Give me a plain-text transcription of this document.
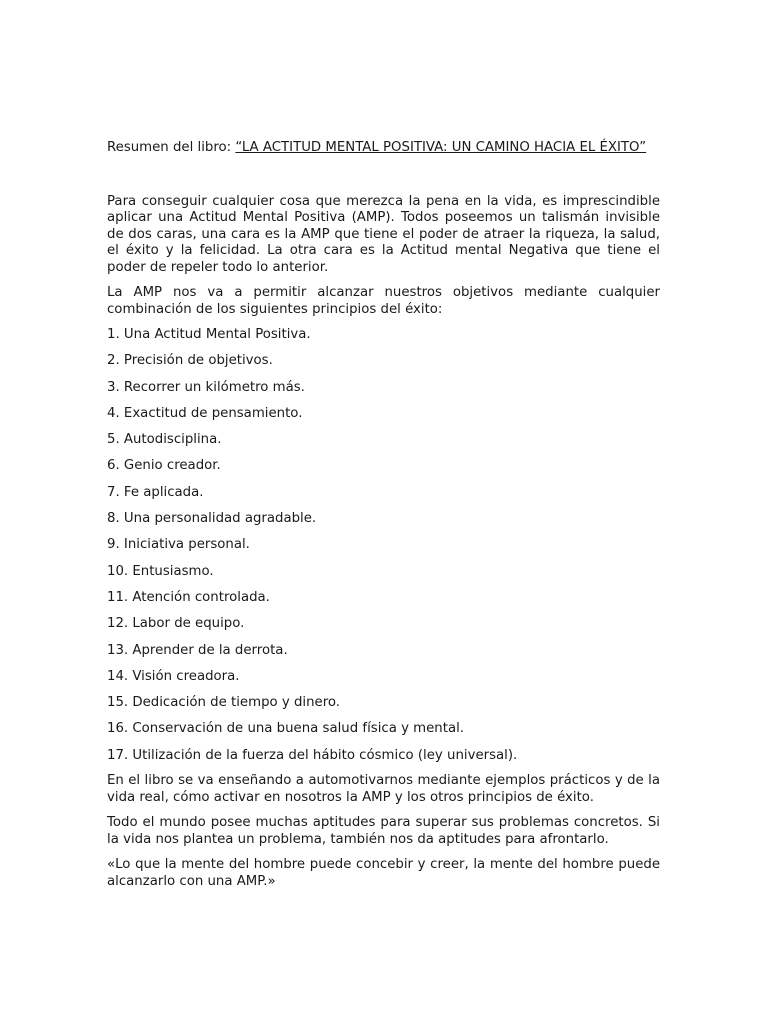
Resumen del libro: “LA ACTITUD MENTAL POSITIVA: UN CAMINO HACIA EL ÉXITO”

Para conseguir cualquier cosa que merezca la pena en la vida, es imprescindible aplicar una Actitud Mental Positiva (AMP). Todos poseemos un talismán invisible de dos caras, una cara es la AMP que tiene el poder de atraer la riqueza, la salud, el éxito y la felicidad. La otra cara es la Actitud mental Negativa que tiene el poder de repeler todo lo anterior.

La AMP nos va a permitir alcanzar nuestros objetivos mediante cualquier combinación de los siguientes principios del éxito:

1. Una Actitud Mental Positiva.
2. Precisión de objetivos.
3. Recorrer un kilómetro más.
4. Exactitud de pensamiento.
5. Autodisciplina.
6. Genio creador.
7. Fe aplicada.
8. Una personalidad agradable.
9. Iniciativa personal.
10. Entusiasmo.
11. Atención controlada.
12. Labor de equipo.
13. Aprender de la derrota.
14. Visión creadora.
15. Dedicación de tiempo y dinero.
16. Conservación de una buena salud física y mental.
17. Utilización de la fuerza del hábito cósmico (ley universal).

En el libro se va enseñando a automotivarnos mediante ejemplos prácticos y de la vida real, cómo activar en nosotros la AMP y los otros principios de éxito.

Todo el mundo posee muchas aptitudes para superar sus problemas concretos. Si la vida nos plantea un problema, también nos da aptitudes para afrontarlo.

«Lo que la mente del hombre puede concebir y creer, la mente del hombre puede alcanzarlo con una AMP.»
